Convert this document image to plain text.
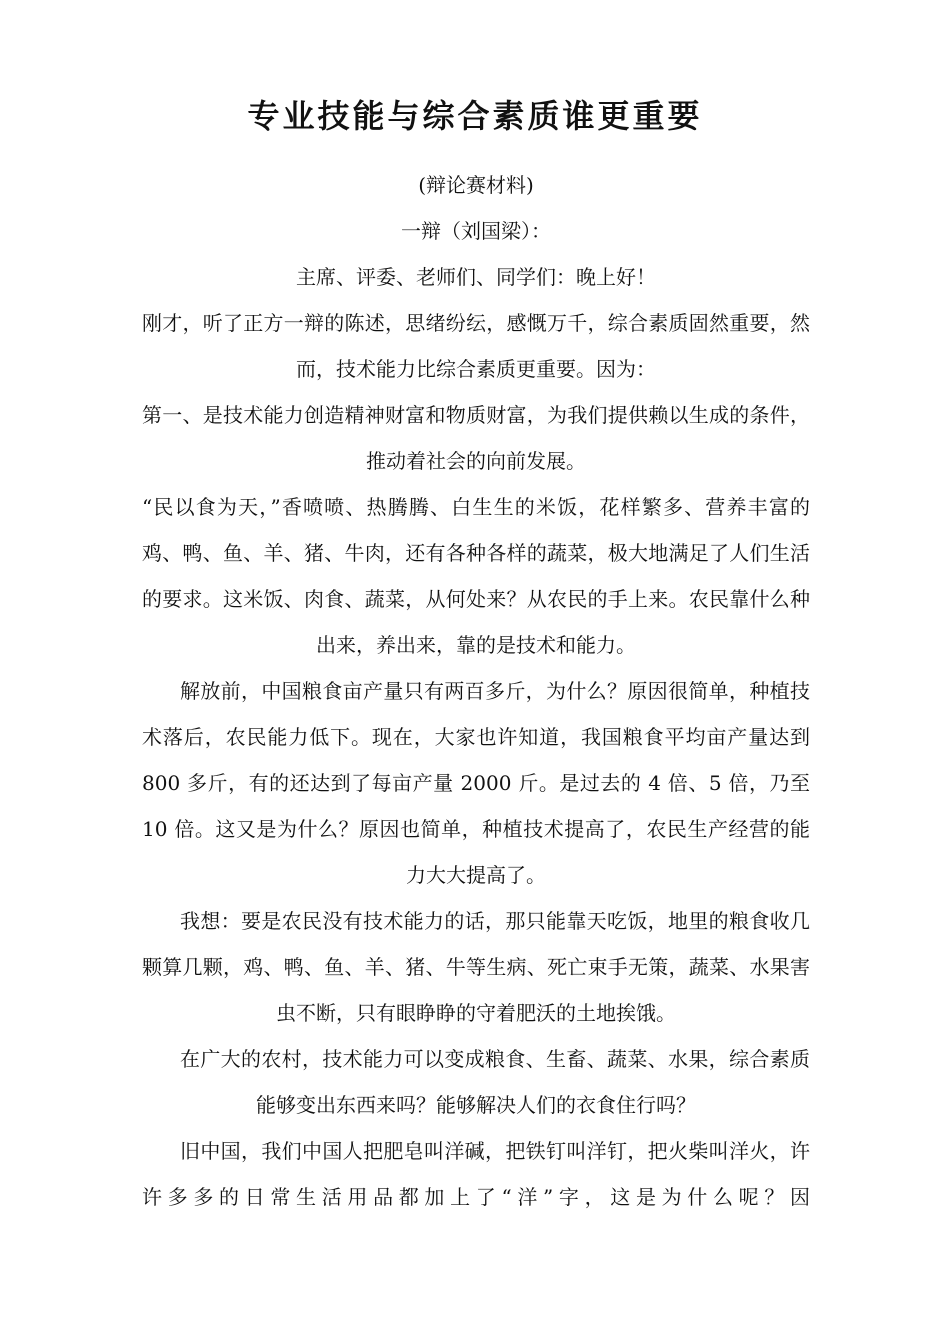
专业技能与综合素质谁更重要

(辩论赛材料)

一辩（刘国梁）：

主席、评委、老师们、同学们：晚上好！

刚才，听了正方一辩的陈述，思绪纷纭，感慨万千，综合素质固然重要，然而，技术能力比综合素质更重要。因为：

第一、是技术能力创造精神财富和物质财富，为我们提供赖以生成的条件，推动着社会的向前发展。

“民以食为天，”香喷喷、热腾腾、白生生的米饭，花样繁多、营养丰富的鸡、鸭、鱼、羊、猪、牛肉，还有各种各样的蔬菜，极大地满足了人们生活的要求。这米饭、肉食、蔬菜，从何处来？从农民的手上来。农民靠什么种出来，养出来，靠的是技术和能力。

解放前，中国粮食亩产量只有两百多斤，为什么？原因很简单，种植技术落后，农民能力低下。现在，大家也许知道，我国粮食平均亩产量达到 800 多斤，有的还达到了每亩产量 2000 斤。是过去的 4 倍、5 倍，乃至 10 倍。这又是为什么？原因也简单，种植技术提高了，农民生产经营的能力大大提高了。

我想：要是农民没有技术能力的话，那只能靠天吃饭，地里的粮食收几颗算几颗，鸡、鸭、鱼、羊、猪、牛等生病、死亡束手无策，蔬菜、水果害虫不断，只有眼睁睁的守着肥沃的土地挨饿。

在广大的农村，技术能力可以变成粮食、生畜、蔬菜、水果，综合素质能够变出东西来吗？能够解决人们的衣食住行吗？

旧中国，我们中国人把肥皂叫洋碱，把铁钉叫洋钉，把火柴叫洋火，许许多多的日常生活用品都加上了“洋”字，这是为什么呢？因
